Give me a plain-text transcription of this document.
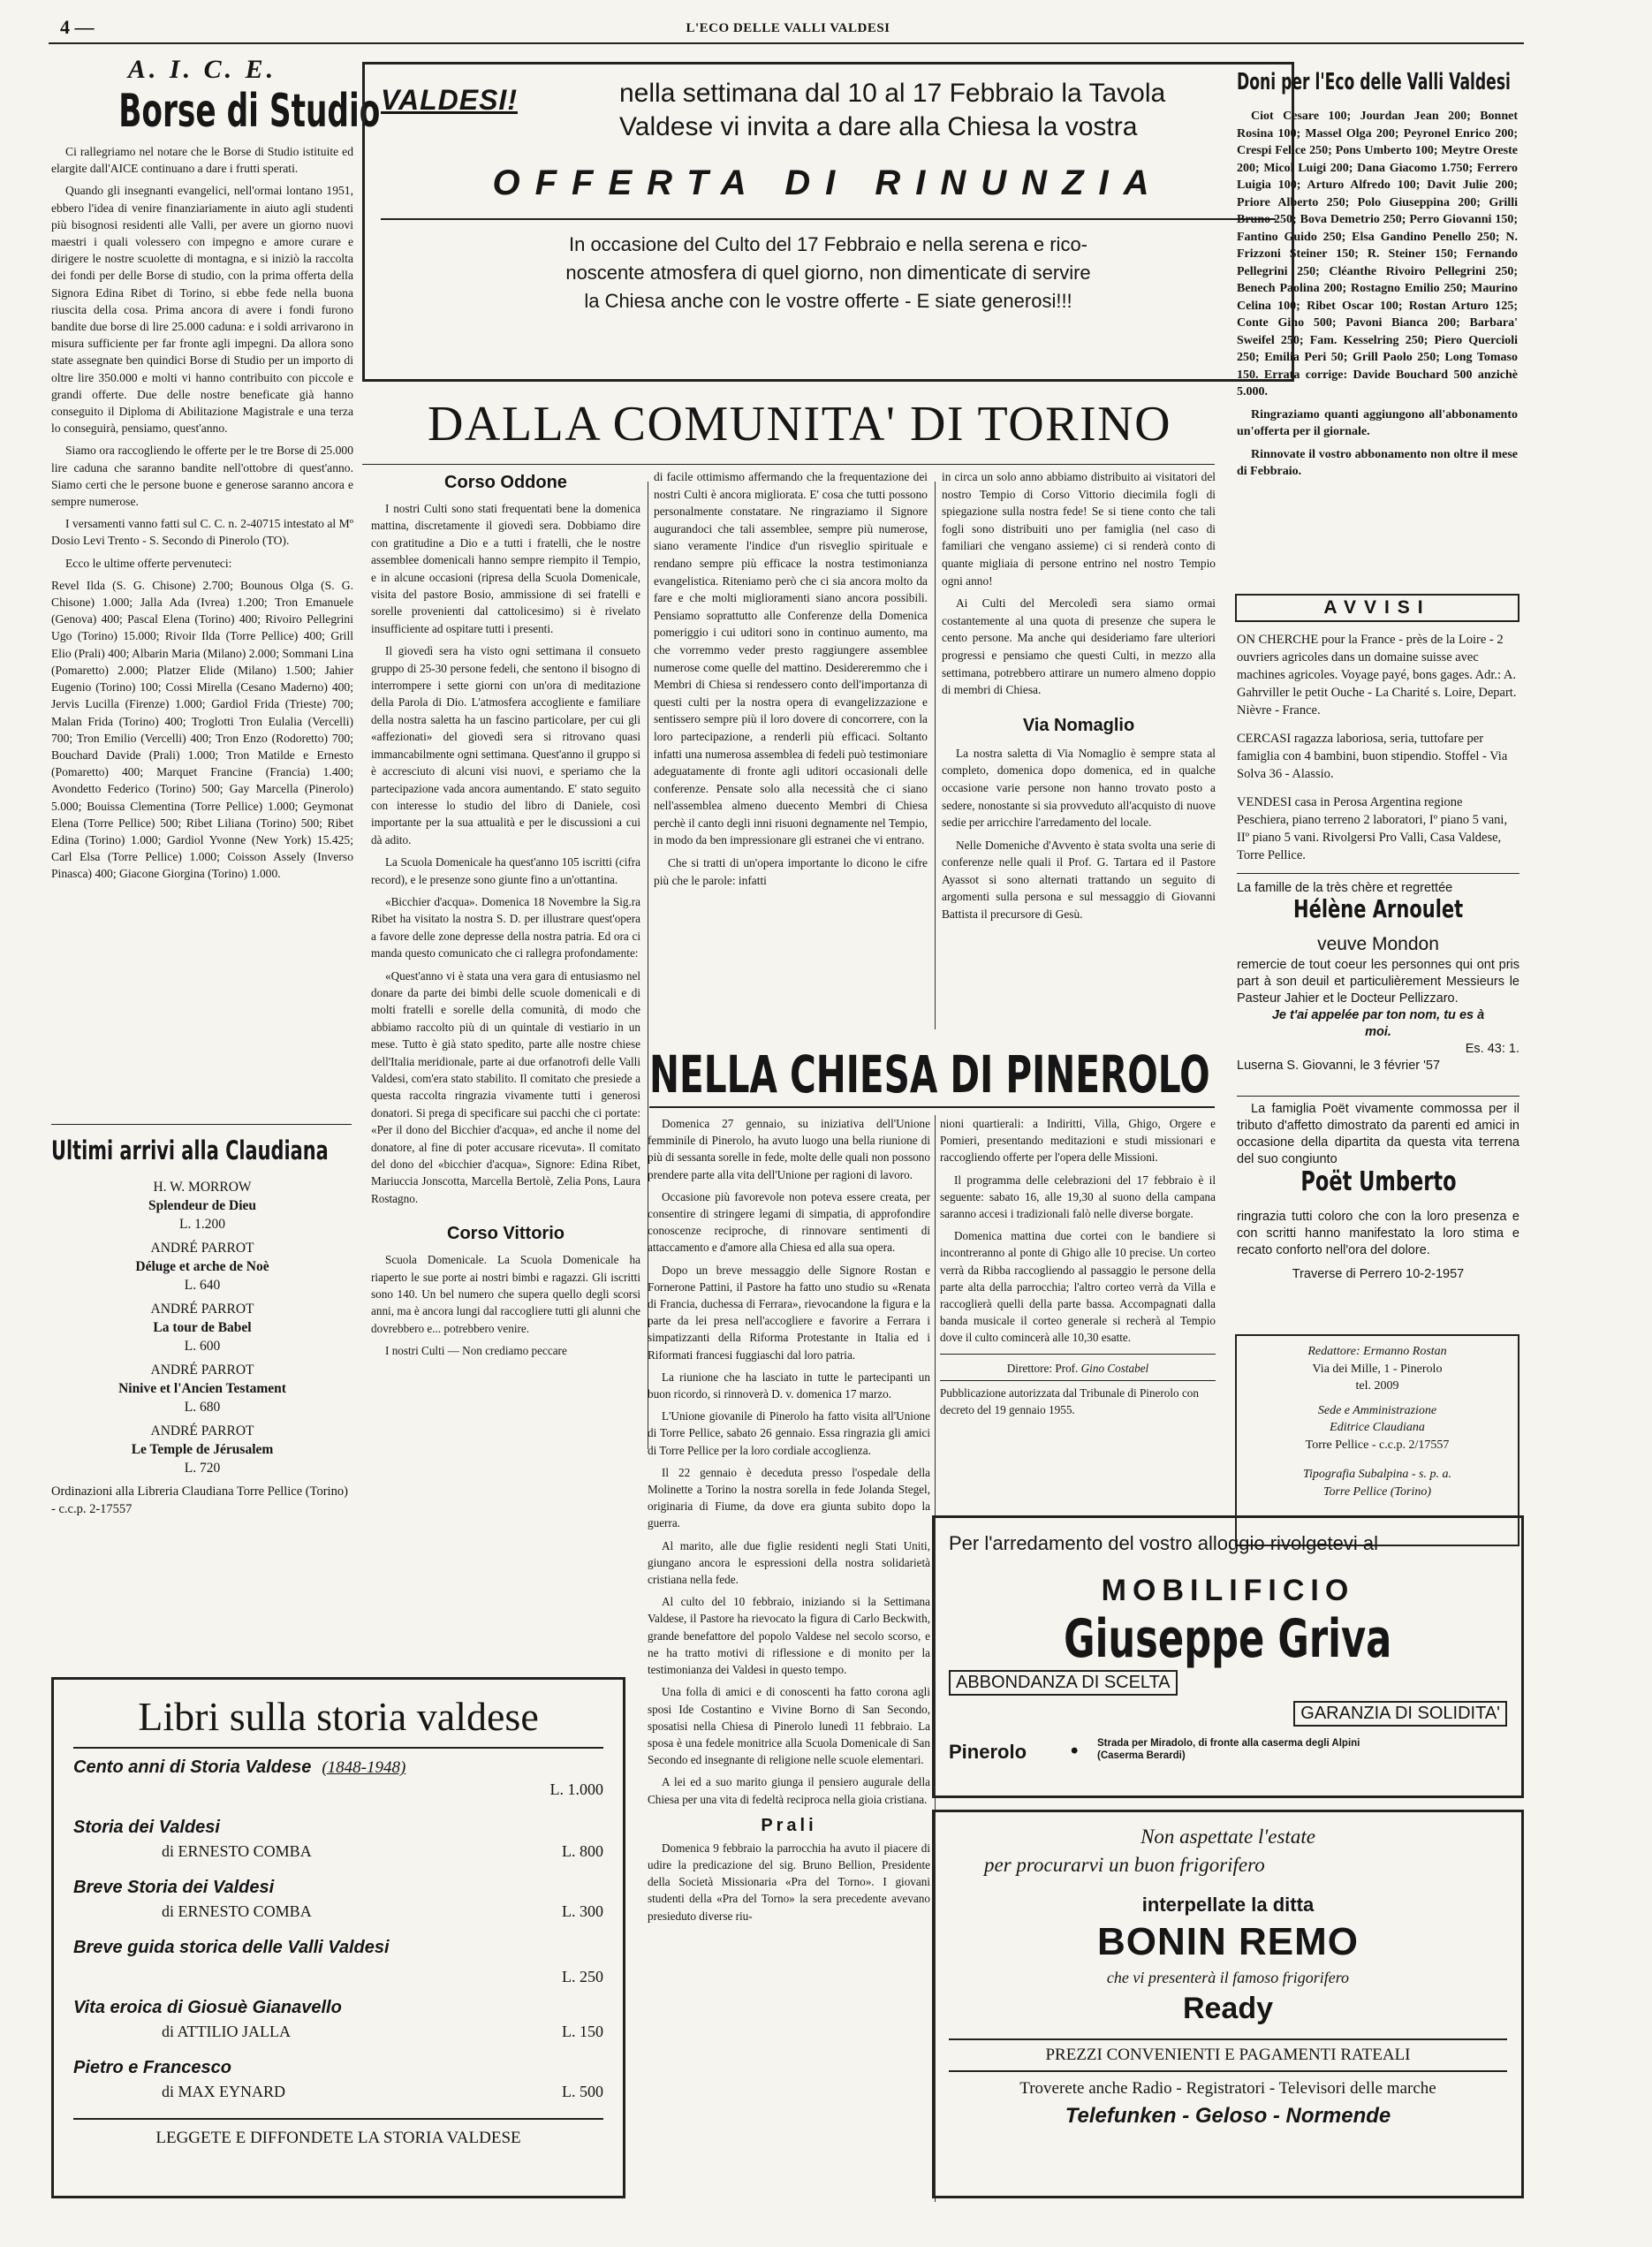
4 —	L'ECO DELLE VALLI VALDESI
A. I. C. E.
Borse di Studio

Ci rallegriamo nel notare che le Borse di Studio istituite ed elargite dall'AICE continuano a dare i frutti sperati.

Quando gli insegnanti evangelici, nell'ormai lontano 1951, ebbero l'idea di venire finanziariamente in aiuto agli studenti più bisognosi residenti alle Valli, per avere un giorno nuovi maestri i quali volessero con impegno e amore curare e dirigere le nostre scuolette di montagna, e si iniziò la raccolta dei fondi per delle Borse di studio, con la prima offerta della Signora Edina Ribet di Torino, si ebbe fede nella buona riuscita della cosa. Prima ancora di avere i fondi furono bandite due borse di lire 25.000 caduna: e i soldi arrivarono in misura sufficiente per far fronte agli impegni. Da allora sono state assegnate ben quindici Borse di Studio per un importo di oltre lire 350.000 e molti vi hanno contribuito con piccole e grandi offerte. Due delle nostre beneficate già hanno conseguito il Diploma di Abilitazione Magistrale e una terza lo conseguirà, pensiamo, quest'anno.

Siamo ora raccogliendo le offerte per le tre Borse di 25.000 lire caduna che saranno bandite nell'ottobre di quest'anno. Siamo certi che le persone buone e generose saranno ancora e sempre numerose.

I versamenti vanno fatti sul C. C. n. 2-40715 intestato al Mº Dosio Levi Trento - S. Secondo di Pinerolo (TO).

Ecco le ultime offerte pervenuteci:

Revel Ilda (S. G. Chisone) 2.700; Bounous Olga (S. G. Chisone) 1.000; Jalla Ada (Ivrea) 1.200; Tron Emanuele (Genova) 400; Pascal Elena (Torino) 400; Rivoiro Pellegrini Ugo (Torino) 15.000; Rivoir Ilda (Torre Pellice) 400; Grill Elio (Prali) 400; Albarin Maria (Milano) 2.000; Sommani Lina (Pomaretto) 2.000; Platzer Elide (Milano) 1.500; Jahier Eugenio (Torino) 100; Cossi Mirella (Cesano Maderno) 400; Jervis Lucilla (Firenze) 1.000; Gardiol Frida (Trieste) 700; Malan Frida (Torino) 400; Troglotti Tron Eulalia (Vercelli) 700; Tron Emilio (Vercelli) 400; Tron Enzo (Rodoretto) 700; Bouchard Davide (Prali) 1.000; Tron Matilde e Ernesto (Pomaretto) 400; Marquet Francine (Francia) 1.400; Avondetto Federico (Torino) 500; Gay Marcella (Pinerolo) 5.000; Bouissa Clementina (Torre Pellice) 1.000; Geymonat Elena (Torre Pellice) 500; Ribet Liliana (Torino) 500; Ribet Edina (Torino) 1.000; Gardiol Yvonne (New York) 15.425; Carl Elsa (Torre Pellice) 1.000; Coisson Assely (Inverso Pinasca) 400; Giacone Giorgina (Torino) 1.000.

Ultimi arrivi alla Claudiana
H. W. MORROW
Splendeur de Dieu
L. 1.200
ANDRÉ PARROT
Déluge et arche de Noè
L. 640
ANDRÉ PARROT
La tour de Babel
L. 600
ANDRÉ PARROT
Ninive et l'Ancien Testament
L. 680
ANDRÉ PARROT
Le Temple de Jérusalem
L. 720
Ordinazioni alla Libreria Claudiana Torre Pellice (Torino) - c.c.p. 2-17557
Libri sulla storia valdese
Cento anni di Storia Valdese (1848-1948)
L. 1.000
Storia dei Valdesi
di ERNESTO COMBA	L. 800
Breve Storia dei Valdesi
di ERNESTO COMBA	L. 300
Breve guida storica delle Valli Valdesi
L. 250
Vita eroica di Giosuè Gianavello
di ATTILIO JALLA	L. 150
Pietro e Francesco
di MAX EYNARD	L. 500
LEGGETE E DIFFONDETE LA STORIA VALDESE
VALDESI!	nella settimana dal 10 al 17 Febbraio la Tavola
Valdese vi invita a dare alla Chiesa la vostra
OFFERTA DI RINUNZIA
In occasione del Culto del 17 Febbraio e nella serena e rico-
noscente atmosfera di quel giorno, non dimenticate di servire
la Chiesa anche con le vostre offerte - E siate generosi!!!
DALLA COMUNITA' DI TORINO
Corso Oddone

I nostri Culti sono stati frequentati bene la domenica mattina, discretamente il giovedì sera. Dobbiamo dire con gratitudine a Dio e a tutti i fratelli, che le nostre assemblee domenicali hanno sempre riempito il Tempio, e in alcune occasioni (ripresa della Scuola Domenicale, visita del pastore Bosio, ammissione di sei fratelli e sorelle provenienti dal cattolicesimo) si è rivelato insufficiente ad ospitare tutti i presenti.

Il giovedì sera ha visto ogni settimana il consueto gruppo di 25-30 persone fedeli, che sentono il bisogno di interrompere i sette giorni con un'ora di meditazione della Parola di Dio. L'atmosfera accogliente e familiare della nostra saletta ha un fascino particolare, per cui gli «affezionati» del giovedì sera si ritrovano quasi immancabilmente ogni settimana. Quest'anno il gruppo si è accresciuto di alcuni visi nuovi, e speriamo che la partecipazione vada ancora aumentando. E' stato seguito con interesse lo studio del libro di Daniele, così importante per la sua attualità e per le discussioni a cui dà adito.

La Scuola Domenicale ha quest'anno 105 iscritti (cifra record), e le presenze sono giunte fino a un'ottantina.

«Bicchier d'acqua». Domenica 18 Novembre la Sig.ra Ribet ha visitato la nostra S. D. per illustrare quest'opera a favore delle zone depresse della nostra patria. Ed ora ci manda questo comunicato che ci rallegra profondamente:

«Quest'anno vi è stata una vera gara di entusiasmo nel donare da parte dei bimbi delle scuole domenicali e di molti fratelli e sorelle della comunità, di modo che abbiamo raccolto più di un quintale di vestiario in un mese. Tutto è già stato spedito, parte alle nostre chiese dell'Italia meridionale, parte ai due orfanotrofi delle Valli Valdesi, com'era stato stabilito. Il comitato che presiede a questa raccolta ringrazia vivamente tutti i generosi donatori. Si prega di specificare sui pacchi che ci portate: «Per il dono del Bicchier d'acqua», ed anche il nome del donatore, al fine di poter accusare ricevuta». Il comitato del dono del «bicchier d'acqua», Signore: Edina Ribet, Mariuccia Jonscotta, Marcella Bertolè, Zelia Pons, Laura Rostagno.

Corso Vittorio

Scuola Domenicale. La Scuola Domenicale ha riaperto le sue porte ai nostri bimbi e ragazzi. Gli iscritti sono 140. Un bel numero che supera quello degli scorsi anni, ma è ancora lungi dal raccogliere tutti gli alunni che dovrebbero e... potrebbero venire.

I nostri Culti — Non crediamo peccare

di facile ottimismo affermando che la frequentazione dei nostri Culti è ancora migliorata. E' cosa che tutti possono personalmente constatare. Ne ringraziamo il Signore augurandoci che tali assemblee, sempre più numerose, siano veramente l'indice d'un risveglio spirituale e rendano sempre più efficace la nostra testimonianza evangelistica. Riteniamo però che ci sia ancora molto da fare e che molti miglioramenti siano ancora possibili. Pensiamo soprattutto alle Conferenze della Domenica pomeriggio i cui uditori sono in continuo aumento, ma che vorremmo veder presto raggiungere assemblee numerose come quelle del mattino. Desidereremmo che i Membri di Chiesa si rendessero conto dell'importanza di questi culti per la nostra opera di evangelizzazione e sentissero sempre più il loro dovere di concorrere, con la loro partecipazione, a renderli più efficaci. Soltanto infatti una numerosa assemblea di fedeli può testimoniare adeguatamente di fronte agli uditori occasionali delle conferenze. Pensate solo alla necessità che ci siano nell'assemblea almeno duecento Membri di Chiesa perchè il canto degli inni risuoni degnamente nel Tempio, in modo da ben impressionare gli estranei che vi entrano.

Che si tratti di un'opera importante lo dicono le cifre più che le parole: infatti

in circa un solo anno abbiamo distribuito ai visitatori del nostro Tempio di Corso Vittorio diecimila fogli di spiegazione sulla nostra fede! Se si tiene conto che tali fogli sono distribuiti uno per famiglia (nel caso di familiari che vengano assieme) ci si renderà conto di quante migliaia di persone entrino nel nostro Tempio ogni anno!

Ai Culti del Mercoledì sera siamo ormai costantemente al una quota di presenze che supera le cento persone. Ma anche qui desideriamo fare ulteriori progressi e pensiamo che questi Culti, in mezzo alla settimana, potrebbero attirare un numero almeno doppio di membri di Chiesa.

Via Nomaglio

La nostra saletta di Via Nomaglio è sempre stata al completo, domenica dopo domenica, ed in qualche occasione varie persone non hanno trovato posto a sedere, nonostante si sia provveduto all'acquisto di nuove sedie per arricchire l'arredamento del locale.

Nelle Domeniche d'Avvento è stata svolta una serie di conferenze nelle quali il Prof. G. Tartara ed il Pastore Ayassot si sono alternati trattando un seguito di argomenti sulla persona e sul messaggio di Giovanni Battista il precursore di Gesù.

NELLA CHIESA DI PINEROLO

Domenica 27 gennaio, su iniziativa dell'Unione femminile di Pinerolo, ha avuto luogo una bella riunione di più di sessanta sorelle in fede, molte delle quali non possono prendere parte alla vita dell'Unione per ragioni di lavoro.

Occasione più favorevole non poteva essere creata, per consentire di stringere legami di simpatia, di approfondire conoscenze reciproche, di rinnovare sentimenti di attaccamento e d'amore alla Chiesa ed alla sua opera.

Dopo un breve messaggio delle Signore Rostan e Fornerone Pattini, il Pastore ha fatto uno studio su «Renata di Francia, duchessa di Ferrara», rievocandone la figura e la parte da lei presa nell'accogliere e favorire a Ferrara i simpatizzanti della Riforma Protestante in Italia ed i Riformati francesi fuggiaschi dal loro patria.

La riunione che ha lasciato in tutte le partecipanti un buon ricordo, si rinnoverà D. v. domenica 17 marzo.

L'Unione giovanile di Pinerolo ha fatto visita all'Unione di Torre Pellice, sabato 26 gennaio. Essa ringrazia gli amici di Torre Pellice per la loro cordiale accoglienza.

Il 22 gennaio è deceduta presso l'ospedale della Molinette a Torino la nostra sorella in fede Jolanda Stegel, originaria di Fiume, da dove era giunta subito dopo la guerra.

Al marito, alle due figlie residenti negli Stati Uniti, giungano ancora le espressioni della nostra solidarietà cristiana nella fede.

Al culto del 10 febbraio, iniziando si la Settimana Valdese, il Pastore ha rievocato la figura di Carlo Beckwith, grande benefattore del popolo Valdese nel secolo scorso, e ne ha tratto motivi di riflessione e di monito per la testimonianza dei Valdesi in questo tempo.

Una folla di amici e di conoscenti ha fatto corona agli sposi Ide Costantino e Vivine Borno di San Secondo, sposatisi nella Chiesa di Pinerolo lunedì 11 febbraio. La sposa è una fedele monitrice alla Scuola Domenicale di San Secondo ed insegnante di religione nelle scuole elementari.

A lei ed a suo marito giunga il pensiero augurale della Chiesa per una vita di fedeltà reciproca nella gioia cristiana.

Prali

Domenica 9 febbraio la parrocchia ha avuto il piacere di udire la predicazione del sig. Bruno Bellion, Presidente della Società Missionaria «Pra del Torno». I giovani studenti della «Pra del Torno» la sera precedente avevano presieduto diverse riu-

nioni quartierali: a Indiritti, Villa, Ghigo, Orgere e Pomieri, presentando meditazioni e studi missionari e raccogliendo offerte per l'opera delle Missioni.

Il programma delle celebrazioni del 17 febbraio è il seguente: sabato 16, alle 19,30 al suono della campana saranno accesi i tradizionali falò nelle diverse borgate.

Domenica mattina due cortei con le bandiere si incontreranno al ponte di Ghigo alle 10 precise. Un corteo verrà da Ribba raccogliendo al passaggio le persone della parte alta della parrocchia; l'altro corteo verrà da Villa e raccoglierà quelli della parte bassa. Accompagnati dalla banda musicale il corteo generale si recherà al Tempio dove il culto comincerà alle 10,30 esatte.

Direttore: Prof. Gino Costabel
Pubblicazione autorizzata dal Tribunale di Pinerolo con decreto del 19 gennaio 1955.
Doni per l'Eco delle Valli Valdesi

Ciot Cesare 100; Jourdan Jean 200; Bonnet Rosina 100; Massel Olga 200; Peyronel Enrico 200; Crespi Felice 250; Pons Umberto 100; Meytre Oreste 200; Micol Luigi 200; Dana Giacomo 1.750; Ferrero Luigia 100; Arturo Alfredo 100; Davit Julie 200; Priore Alberto 250; Polo Giuseppina 200; Grilli Bruno 250; Bova Demetrio 250; Perro Giovanni 150; Fantino Guido 250; Elsa Gandino Penello 250; N. Frizzoni Steiner 150; R. Steiner 150; Fernando Pellegrini 250; Cléanthe Rivoiro Pellegrini 250; Benech Paolina 200; Rostagno Emilio 250; Maurino Celina 100; Ribet Oscar 100; Rostan Arturo 125; Conte Gino 500; Pavoni Bianca 200; Barbara' Sweifel 250; Fam. Kesselring 250; Piero Quercioli 250; Emilia Peri 50; Grill Paolo 250; Long Tomaso 150. Errata corrige: Davide Bouchard 500 anzichè 5.000.

Ringraziamo quanti aggiungono all'abbonamento un'offerta per il giornale.

Rinnovate il vostro abbonamento non oltre il mese di Febbraio.

AVVISI

ON CHERCHE pour la France - près de la Loire - 2 ouvriers agricoles dans un domaine suisse avec machines agricoles. Voyage payé, bons gages. Adr.: A. Gahrviller le petit Ouche - La Charité s. Loire, Depart. Nièvre - France.

CERCASI ragazza laboriosa, seria, tuttofare per famiglia con 4 bambini, buon stipendio. Stoffel - Via Solva 36 - Alassio.

VENDESI casa in Perosa Argentina regione Peschiera, piano terreno 2 laboratori, Iº piano 5 vani, IIº piano 5 vani. Rivolgersi Pro Valli, Casa Valdese, Torre Pellice.

La famille de la très chère et regrettée
Hélène Arnoulet
veuve Mondon
remercie de tout coeur les personnes qui ont pris part à son deuil et particulièrement Messieurs le Pasteur Jahier et le Docteur Pellizzaro.
Je t'ai appelée par ton nom, tu es à moi.
Es. 43: 1.
Luserna S. Giovanni, le 3 février '57
La famiglia Poët vivamente commossa per il tributo d'affetto dimostrato da parenti ed amici in occasione della dipartita da questa vita terrena del suo congiunto
Poët Umberto
ringrazia tutti coloro che con la loro presenza e con scritti hanno manifestato la loro stima e recato conforto nell'ora del dolore.
Traverse di Perrero 10-2-1957
Redattore: Ermanno Rostan
Via dei Mille, 1 - Pinerolo
tel. 2009
Sede e Amministrazione
Editrice Claudiana
Torre Pellice - c.c.p. 2/17557
Tipografia Subalpina - s. p. a.
Torre Pellice (Torino)
Per l'arredamento del vostro alloggio rivolgetevi al
MOBILIFICIO
Giuseppe Griva
ABBONDANZA DI SCELTA
GARANZIA DI SOLIDITA'
Pinerolo • Strada per Miradolo, di fronte alla caserma degli Alpini (Caserma Berardi)
Non aspettate l'estate
per procurarvi un buon frigorifero
interpellate la ditta
BONIN REMO
che vi presenterà il famoso frigorifero
Ready
PREZZI CONVENIENTI E PAGAMENTI RATEALI
Troverete anche Radio - Registratori - Televisori delle marche
Telefunken - Geloso - Normende
